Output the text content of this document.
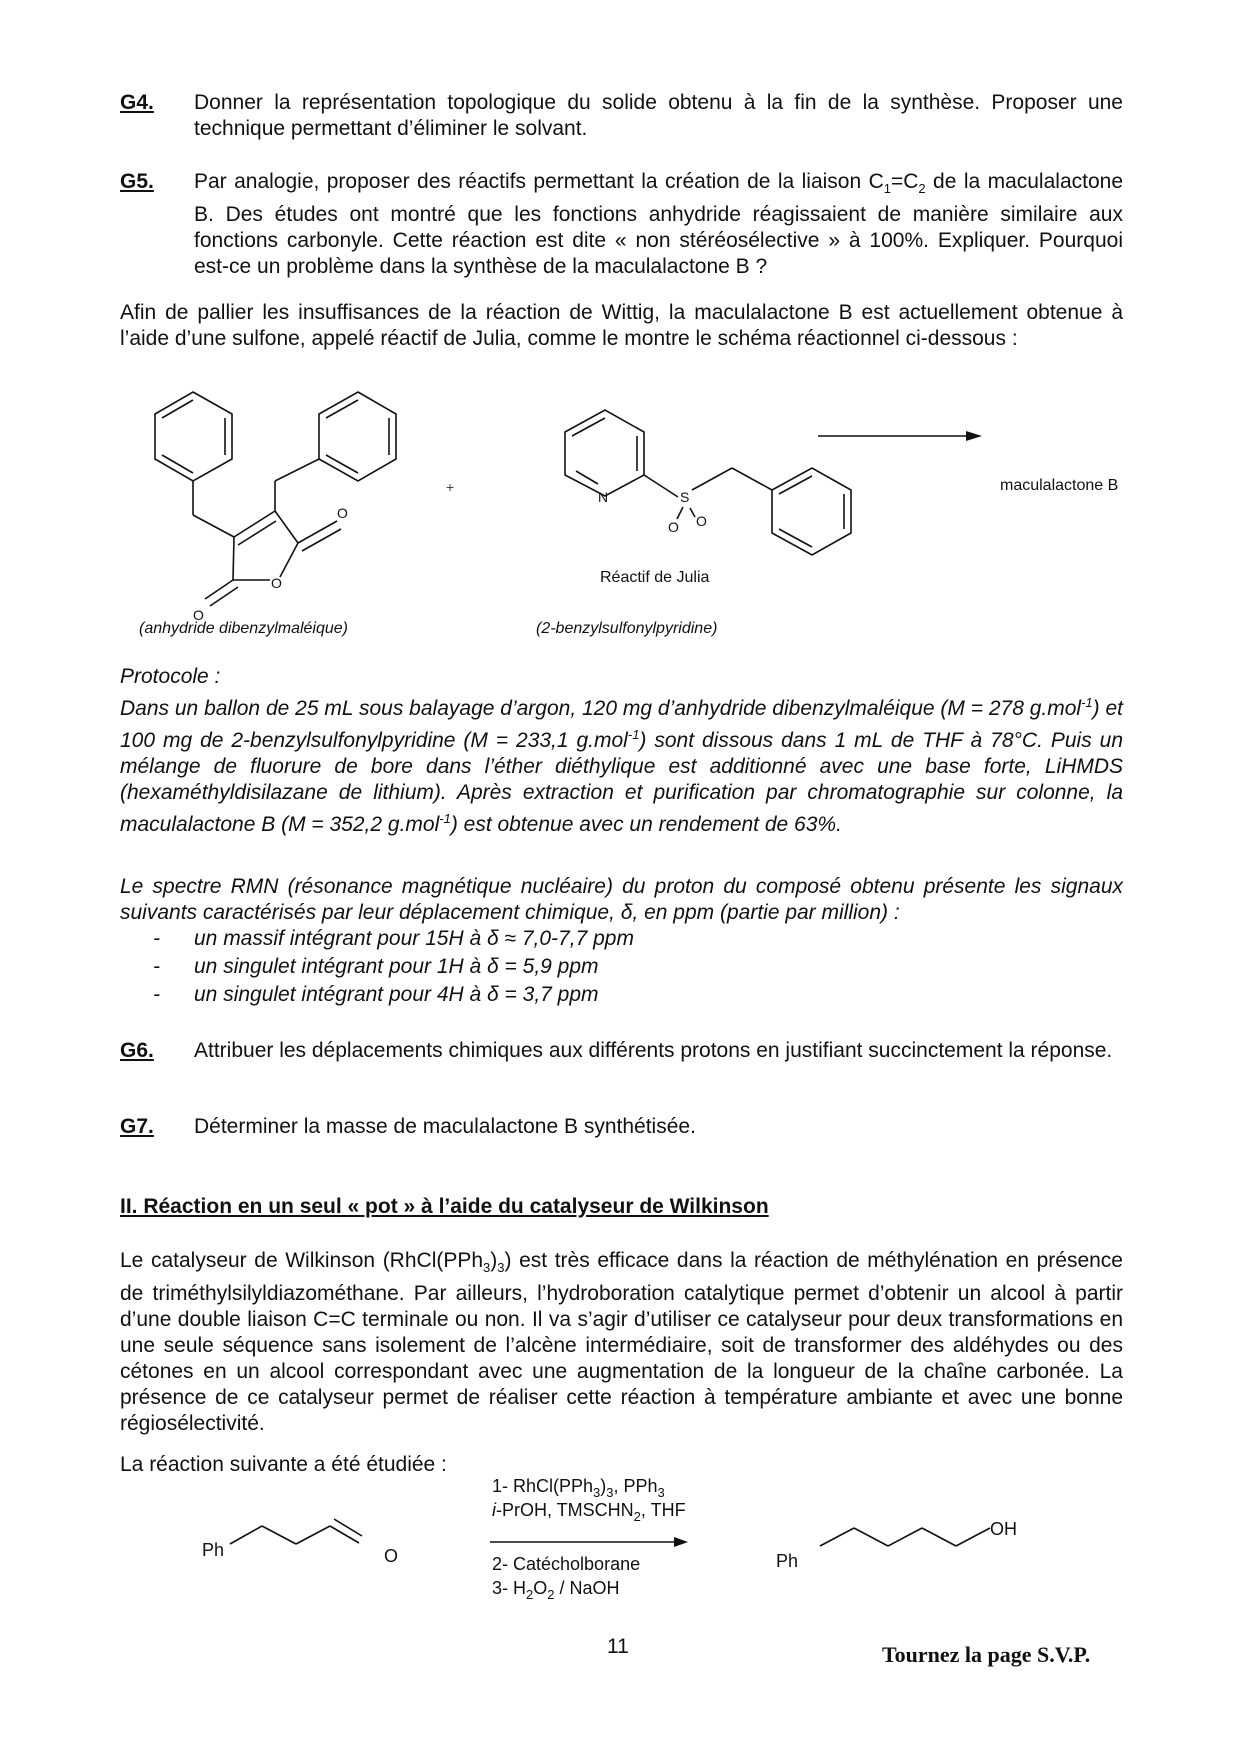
G4. Donner la représentation topologique du solide obtenu à la fin de la synthèse. Proposer une technique permettant d’éliminer le solvant.
G5. Par analogie, proposer des réactifs permettant la création de la liaison $C_1=C_2$ de la maculalactone B. Des études ont montré que les fonctions anhydride réagissaient de manière similaire aux fonctions carbonyle. Cette réaction est dite « non stéréosélective » à 100%. Expliquer. Pourquoi est-ce un problème dans la synthèse de la maculalactone B ?
Afin de pallier les insuffisances de la réaction de Wittig, la maculalactone B est actuellement obtenue à l’aide d’une sulfone, appelé réactif de Julia, comme le montre le schéma réactionnel ci-dessous :
O
O
O
N	S
O O
+	maculalactone B
Réactif de Julia
(anhydride dibenzylmaléique)	(2-benzylsulfonylpyridine)
Protocole :
Dans un ballon de 25 mL sous balayage d’argon, 120 mg d’anhydride dibenzylmaléique (M = 278 g.mol$^{-1}$) et 100 mg de 2-benzylsulfonylpyridine (M = 233,1 g.mol$^{-1}$) sont dissous dans 1 mL de THF à 78°C. Puis un mélange de fluorure de bore dans l’éther diéthylique est additionné avec une base forte, LiHMDS (hexaméthyldisilazane de lithium). Après extraction et purification par chromatographie sur colonne, la maculalactone B (M = 352,2 g.mol$^{-1}$) est obtenue avec un rendement de 63%.
Le spectre RMN (résonance magnétique nucléaire) du proton du composé obtenu présente les signaux suivants caractérisés par leur déplacement chimique, δ, en ppm (partie par million) :
- un massif intégrant pour 15H à δ ≈ 7,0-7,7 ppm
- un singulet intégrant pour 1H à δ = 5,9 ppm
- un singulet intégrant pour 4H à δ = 3,7 ppm
G6. Attribuer les déplacements chimiques aux différents protons en justifiant succinctement la réponse.
G7. Déterminer la masse de maculalactone B synthétisée.
II. Réaction en un seul « pot » à l’aide du catalyseur de Wilkinson
Le catalyseur de Wilkinson $(RhCl(PPh_3)_3)$ est très efficace dans la réaction de méthylénation en présence de triméthylsilyldiazométhane. Par ailleurs, l’hydroboration catalytique permet d’obtenir un alcool à partir d’une double liaison C=C terminale ou non. Il va s’agir d’utiliser ce catalyseur pour deux transformations en une seule séquence sans isolement de l’alcène intermédiaire, soit de transformer des aldéhydes ou des cétones en un alcool correspondant avec une augmentation de la longueur de la chaîne carbonée. La présence de ce catalyseur permet de réaliser cette réaction à température ambiante et avec une bonne régiosélectivité.
La réaction suivante a été étudiée :
Ph	O	Ph
OH
1- $RhCl(PPh_3)_3$, PPh$_3$
i-PrOH, $TMSCHN_2$, THF
2- Catécholborane
3- $H_2O_2$ / NaOH
11	Tournez la page S.V.P.
